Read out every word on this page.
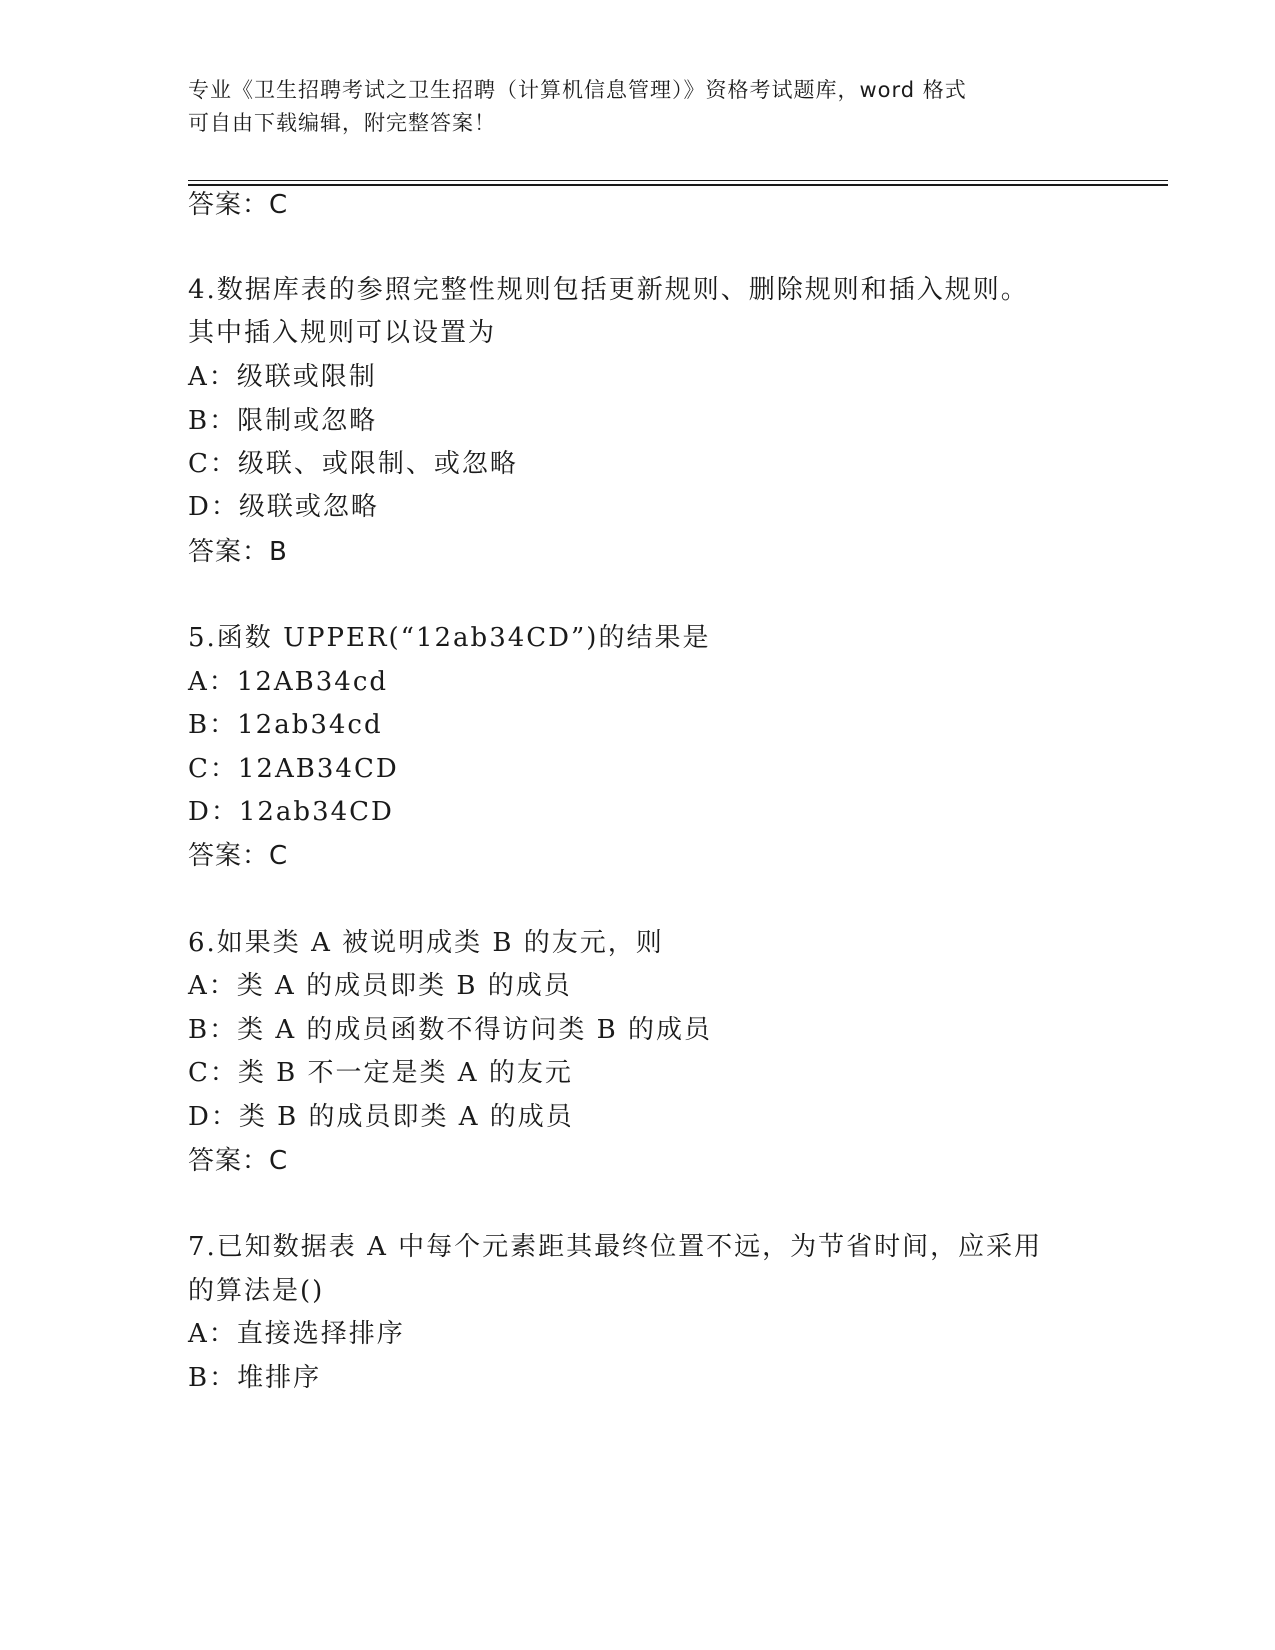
专业《卫生招聘考试之卫生招聘（计算机信息管理）》资格考试题库，word 格式
可自由下载编辑，附完整答案！
答案：C
4.数据库表的参照完整性规则包括更新规则、删除规则和插入规则。
其中插入规则可以设置为
A：级联或限制
B：限制或忽略
C：级联、或限制、或忽略
D：级联或忽略
答案：B
5.函数 UPPER(“12ab34CD”)的结果是
A：12AB34cd
B：12ab34cd
C：12AB34CD
D：12ab34CD
答案：C
6.如果类 A 被说明成类 B 的友元，则
A：类 A 的成员即类 B 的成员
B：类 A 的成员函数不得访问类 B 的成员
C：类 B 不一定是类 A 的友元
D：类 B 的成员即类 A 的成员
答案：C
7.已知数据表 A 中每个元素距其最终位置不远，为节省时间，应采用
的算法是()
A：直接选择排序
B：堆排序
